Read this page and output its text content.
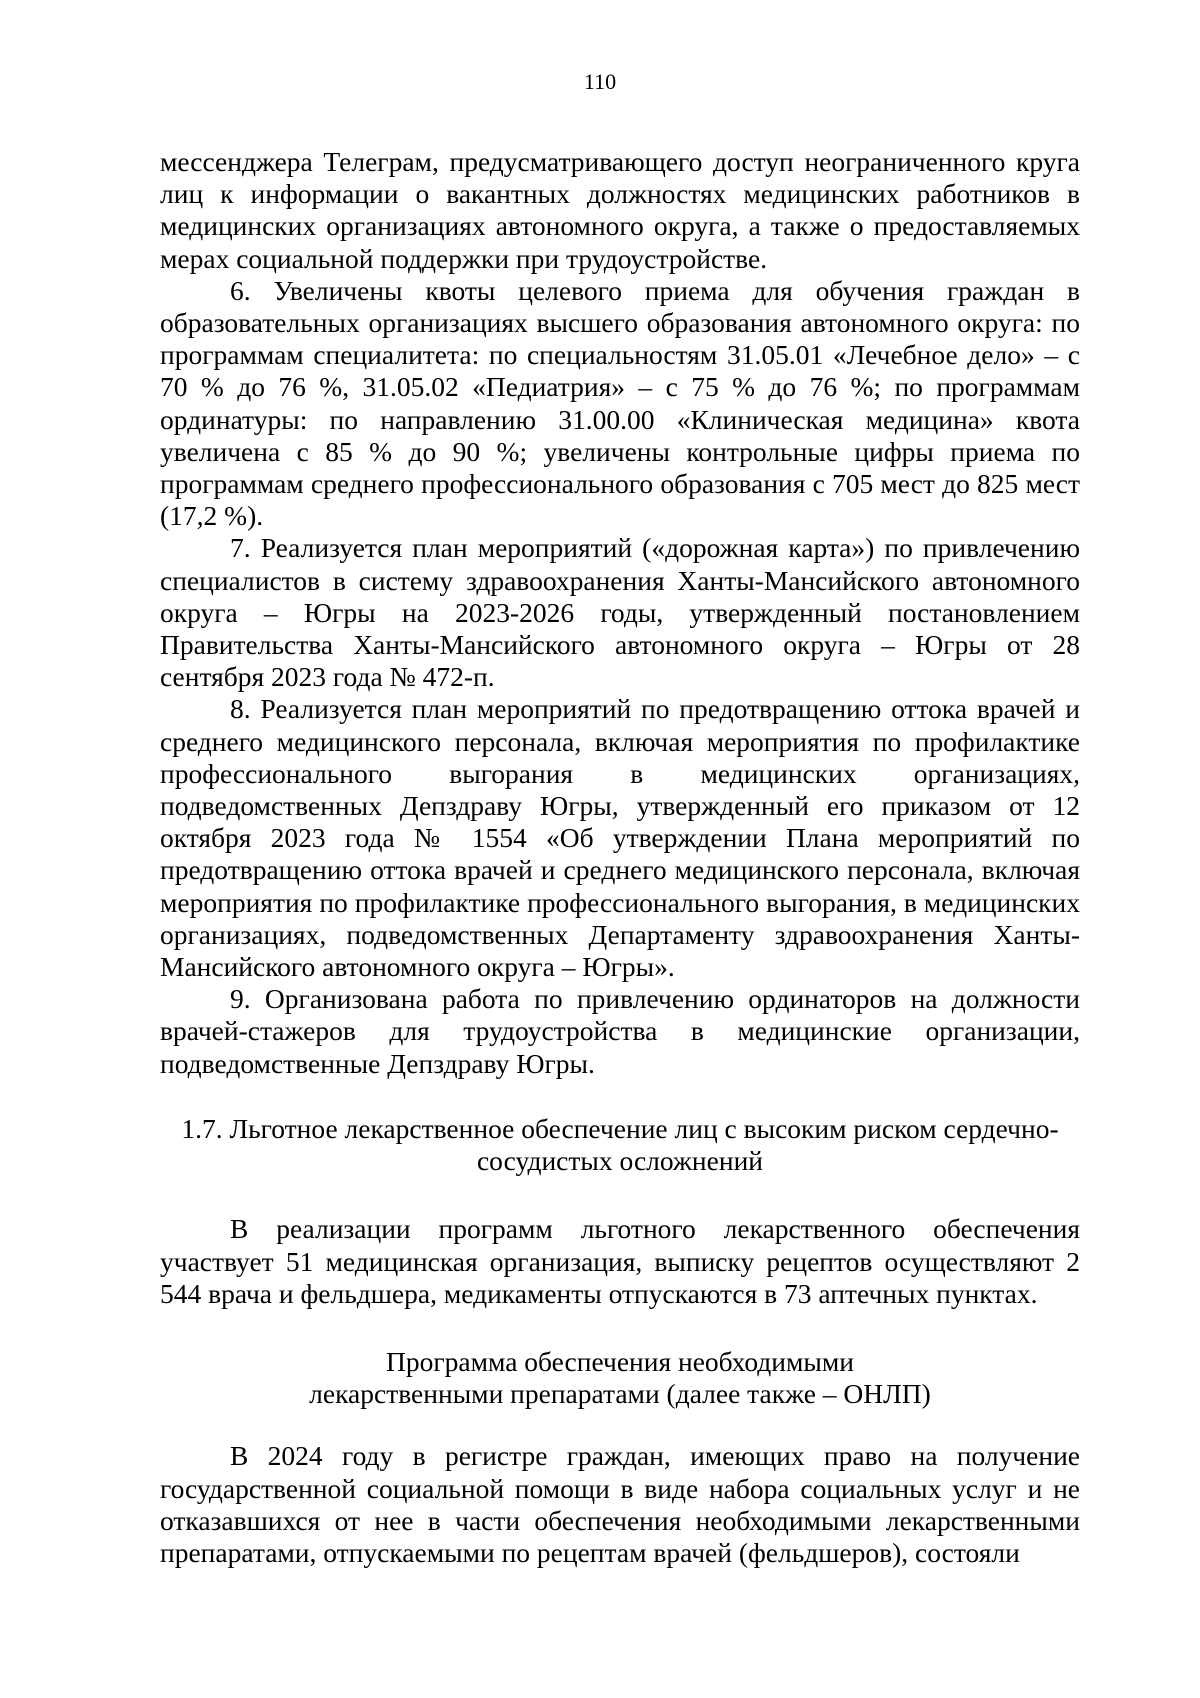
110

мессенджера Телеграм, предусматривающего доступ неограниченного круга лиц к информации о вакантных должностях медицинских работников в медицинских организациях автономного округа, а также о предоставляемых мерах социальной поддержки при трудоустройстве.

6. Увеличены квоты целевого приема для обучения граждан в образовательных организациях высшего образования автономного округа: по программам специалитета: по специальностям 31.05.01 «Лечебное дело» – с 70 % до 76 %, 31.05.02 «Педиатрия» – с 75 % до 76 %; по программам ординатуры: по направлению 31.00.00 «Клиническая медицина» квота увеличена с 85 % до 90 %; увеличены контрольные цифры приема по программам среднего профессионального образования с 705 мест до 825 мест (17,2 %).

7. Реализуется план мероприятий («дорожная карта») по привлечению специалистов в систему здравоохранения Ханты-Мансийского автономного округа – Югры на 2023-2026 годы, утвержденный постановлением Правительства Ханты-Мансийского автономного округа – Югры от 28 сентября 2023 года № 472-п.

8. Реализуется план мероприятий по предотвращению оттока врачей и среднего медицинского персонала, включая мероприятия по профилактике профессионального выгорания в медицинских организациях, подведомственных Депздраву Югры, утвержденный его приказом от 12 октября 2023 года № 1554 «Об утверждении Плана мероприятий по предотвращению оттока врачей и среднего медицинского персонала, включая мероприятия по профилактике профессионального выгорания, в медицинских организациях, подведомственных Департаменту здравоохранения Ханты-Мансийского автономного округа – Югры».

9. Организована работа по привлечению ординаторов на должности врачей-стажеров для трудоустройства в медицинские организации, подведомственные Депздраву Югры.

1.7. Льготное лекарственное обеспечение лиц с высоким риском сердечно-

сосудистых осложнений

В реализации программ льготного лекарственного обеспечения участвует 51 медицинская организация, выписку рецептов осуществляют 2 544 врача и фельдшера, медикаменты отпускаются в 73 аптечных пунктах.

Программа обеспечения необходимыми

лекарственными препаратами (далее также – ОНЛП)

В 2024 году в регистре граждан, имеющих право на получение государственной социальной помощи в виде набора социальных услуг и не отказавшихся от нее в части обеспечения необходимыми лекарственными препаратами, отпускаемыми по рецептам врачей (фельдшеров), состояли
